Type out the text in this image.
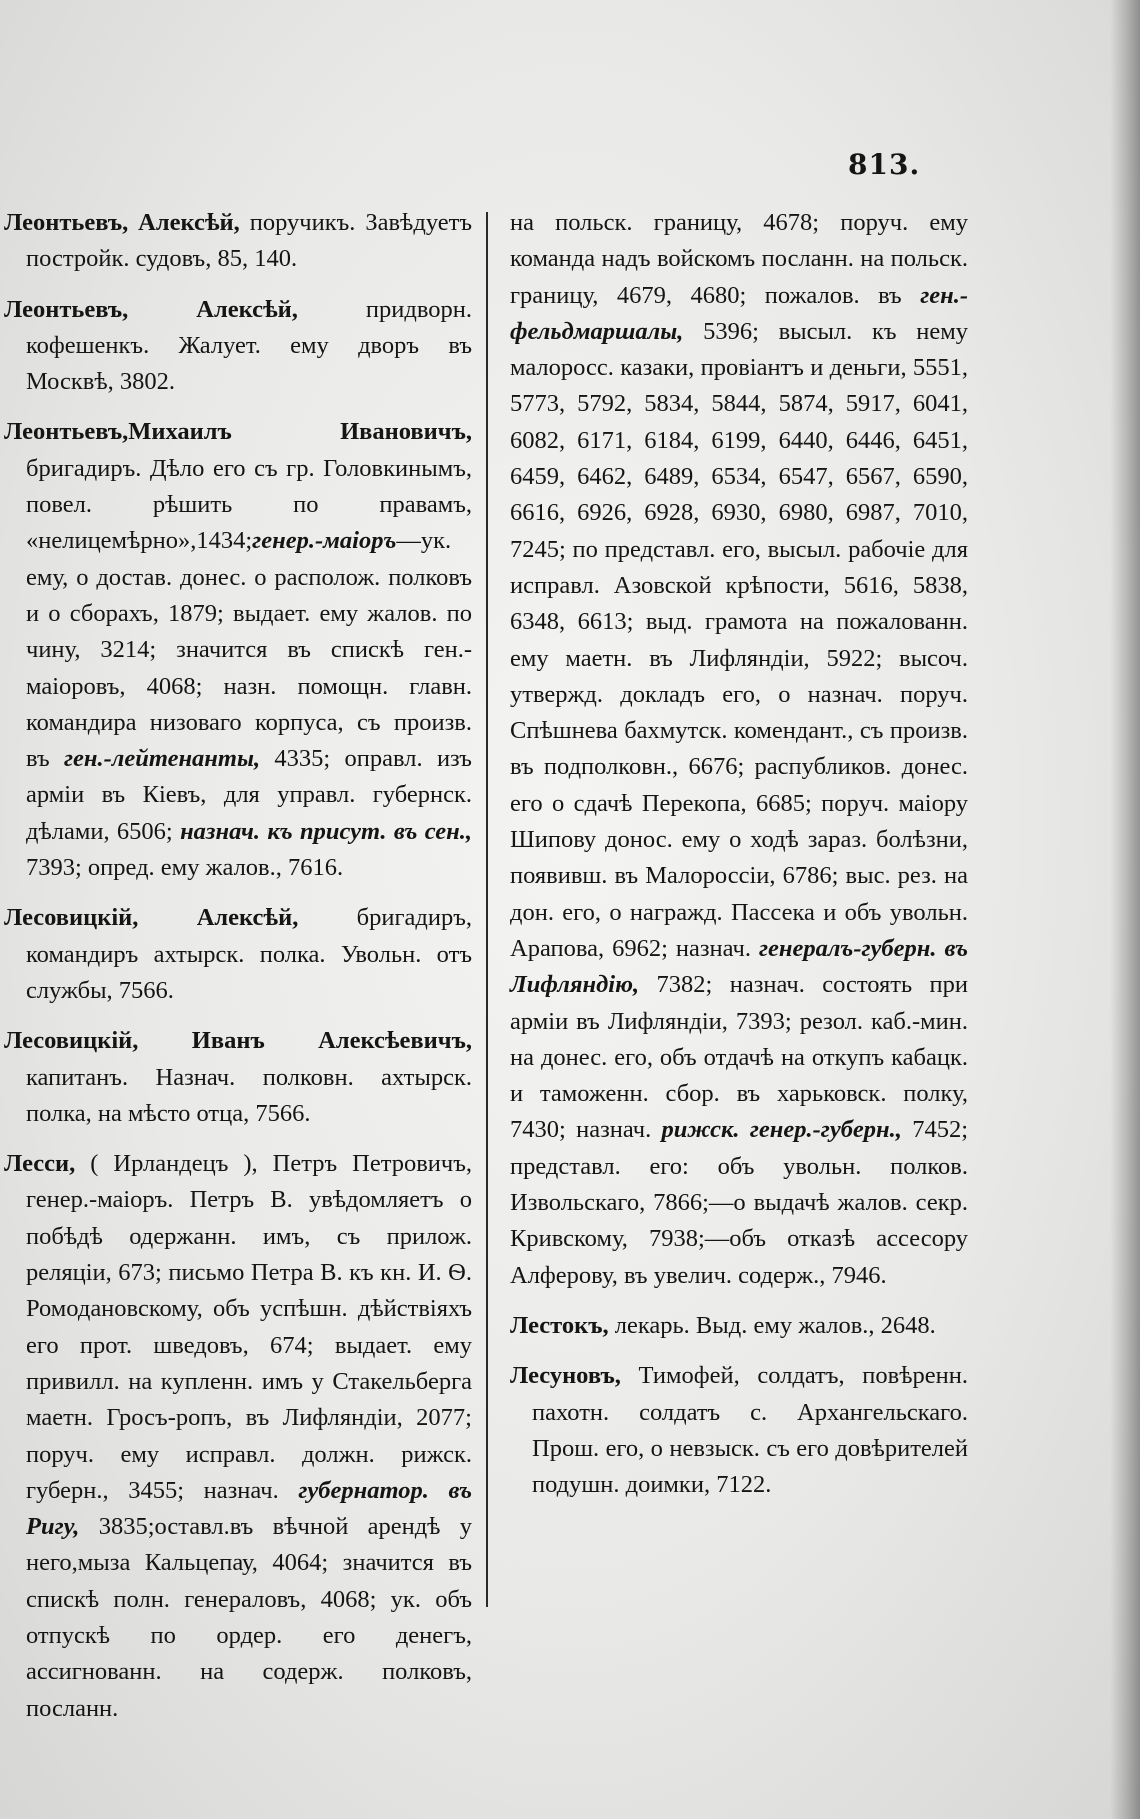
813.
Леонтьевъ, Алексѣй, поручикъ. Завѣдуетъ постройк. судовъ, 85, 140.
Леонтьевъ, Алексѣй, придворн. кофешенкъ. Жалует. ему дворъ въ Москвѣ, 3802.
Леонтьевъ,Михаилъ Ивановичъ, бригадиръ. Дѣло его съ гр. Головкинымъ, повел. рѣшить по правамъ, «нелицемѣрно»,1434;генер.-маіоръ—ук. ему, о достав. донес. о располож. полковъ и о сборахъ, 1879; выдает. ему жалов. по чину, 3214; значится въ спискѣ ген.-маіоровъ, 4068; назн. помощн. главн. командира низоваго корпуса, съ произв. въ ген.-лейтенанты, 4335; оправл. изъ арміи въ Кіевъ, для управл. губернск. дѣлами, 6506; назнач. къ присут. въ сен., 7393; опред. ему жалов., 7616.
Лесовицкій, Алексѣй, бригадиръ, командиръ ахтырск. полка. Увольн. отъ службы, 7566.
Лесовицкій, Иванъ Алексѣевичъ, капитанъ. Назнач. полковн. ахтырск. полка, на мѣсто отца, 7566.
Лесси, ( Ирландецъ ), Петръ Петровичъ, генер.-маіоръ. Петръ В. увѣдомляетъ о побѣдѣ одержанн. имъ, съ прилож. реляціи, 673; письмо Петра В. къ кн. И. Ѳ. Ромодановскому, объ успѣшн. дѣйствіяхъ его прот. шведовъ, 674; выдает. ему привилл. на купленн. имъ у Стакельберга маетн. Гросъ-ропъ, въ Лифляндіи, 2077; поруч. ему исправл. должн. рижск. губерн., 3455; назнач. губернатор. въ Ригу, 3835;оставл.въ вѣчной арендѣ у него,мыза Кальцепау, 4064; значится въ спискѣ полн. генераловъ, 4068; ук. объ отпускѣ по ордер. его денегъ, ассигнованн. на содерж. полковъ, посланн.
на польск. границу, 4678; поруч. ему команда надъ войскомъ посланн. на польск. границу, 4679, 4680; пожалов. въ ген.-фельдмаршалы, 5396; высыл. къ нему малоросс. казаки, провіантъ и деньги, 5551, 5773, 5792, 5834, 5844, 5874, 5917, 6041, 6082, 6171, 6184, 6199, 6440, 6446, 6451, 6459, 6462, 6489, 6534, 6547, 6567, 6590, 6616, 6926, 6928, 6930, 6980, 6987, 7010, 7245; по представл. его, высыл. рабочіе для исправл. Азовской крѣпости, 5616, 5838, 6348, 6613; выд. грамота на пожалованн. ему маетн. въ Лифляндіи, 5922; высоч. утвержд. докладъ его, о назнач. поруч. Спѣшнева бахмутск. комендант., съ произв. въ подполковн., 6676; распубликов. донес. его о сдачѣ Перекопа, 6685; поруч. маіору Шипову донос. ему о ходѣ зараз. болѣзни, появивш. въ Малороссіи, 6786; выс. рез. на дон. его, о награжд. Пассека и объ увольн. Арапова, 6962; назнач. генералъ-губерн. въ Лифляндію, 7382; назнач. состоять при арміи въ Лифляндіи, 7393; резол. каб.-мин. на донес. его, объ отдачѣ на откупъ кабацк. и таможенн. сбор. въ харьковск. полку, 7430; назнач. рижск. генер.-губерн., 7452; представл. его: объ увольн. полков. Извольскаго, 7866;—о выдачѣ жалов. секр. Кривскому, 7938;—объ отказѣ ассесору Алферову, въ увелич. содерж., 7946.
Лестокъ, лекарь. Выд. ему жалов., 2648.
Лесуновъ, Тимофей, солдатъ, повѣренн. пахотн. солдатъ с. Архангельскаго. Прош. его, о невзыск. съ его довѣрителей подушн. доимки, 7122.
